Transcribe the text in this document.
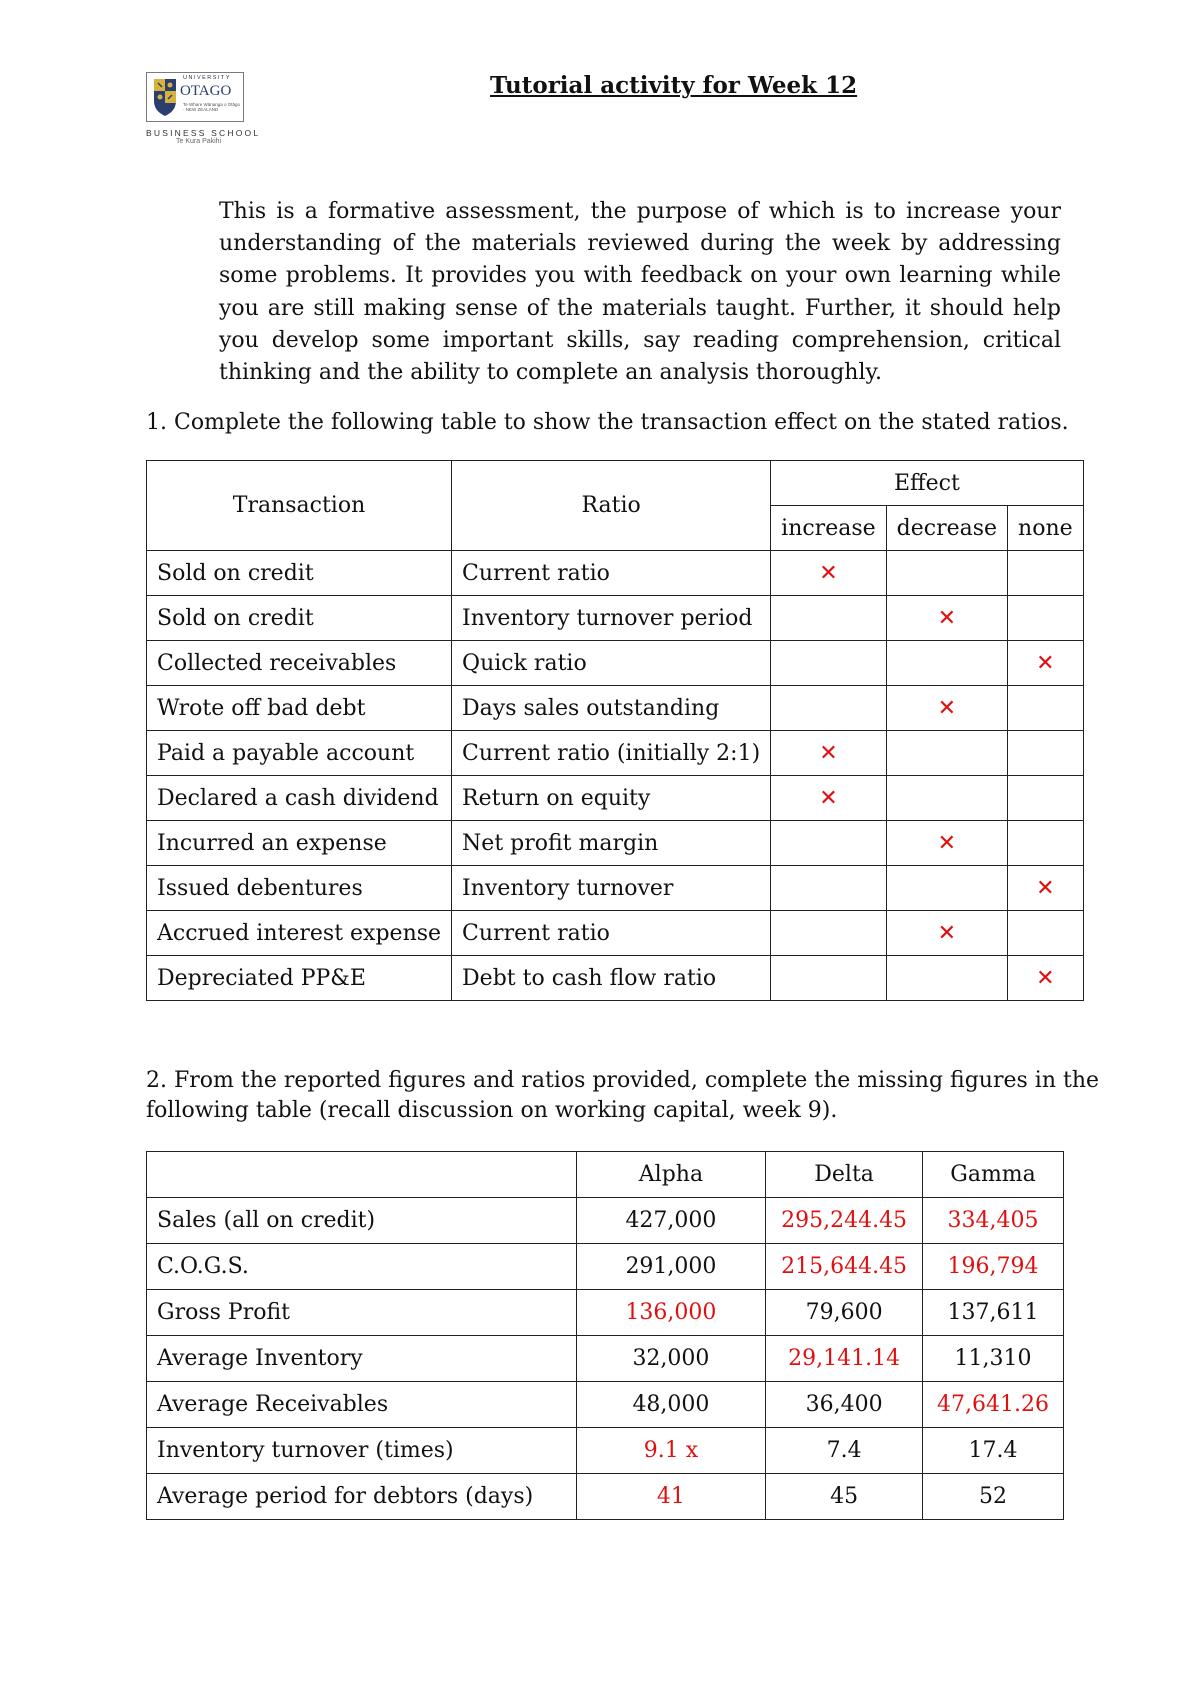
UNIVERSITY
OTAGO
Te Whare Wānanga o Otāgo · NEW ZEALAND
BUSINESS SCHOOL
Te Kura Pakihi
Tutorial activity for Week 12
This is a formative assessment, the purpose of which is to increase your understanding of the materials reviewed during the week by addressing some problems. It provides you with feedback on your own learning while you are still making sense of the materials taught. Further, it should help you develop some important skills, say reading comprehension, critical thinking and the ability to complete an analysis thoroughly.
1. Complete the following table to show the transaction effect on the stated ratios.
Transaction	Ratio	Effect		
		increase	decrease	none
Sold on credit	Current ratio	✕		
Sold on credit	Inventory turnover period		✕	
Collected receivables	Quick ratio			✕
Wrote off bad debt	Days sales outstanding		✕	
Paid a payable account	Current ratio (initially 2:1)	✕		
Declared a cash dividend	Return on equity	✕		
Incurred an expense	Net profit margin		✕	
Issued debentures	Inventory turnover			✕
Accrued interest expense	Current ratio		✕	
Depreciated PP&E	Debt to cash flow ratio			✕
2. From the reported figures and ratios provided, complete the missing figures in the
following table (recall discussion on working capital, week 9).
	Alpha	Delta	Gamma
Sales (all on credit)	427,000	295,244.45	334,405
C.O.G.S.	291,000	215,644.45	196,794
Gross Profit	136,000	79,600	137,611
Average Inventory	32,000	29,141.14	11,310
Average Receivables	48,000	36,400	47,641.26
Inventory turnover (times)	9.1 x	7.4	17.4
Average period for debtors (days)	41	45	52
